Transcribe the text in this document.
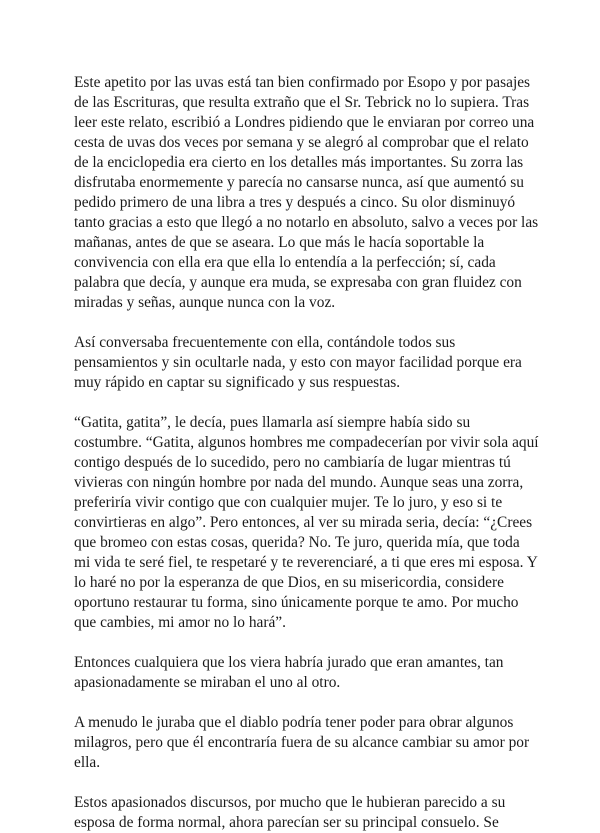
Este apetito por las uvas está tan bien confirmado por Esopo y por pasajes de las Escrituras, que resulta extraño que el Sr. Tebrick no lo supiera. Tras leer este relato, escribió a Londres pidiendo que le enviaran por correo una cesta de uvas dos veces por semana y se alegró al comprobar que el relato de la enciclopedia era cierto en los detalles más importantes. Su zorra las disfrutaba enormemente y parecía no cansarse nunca, así que aumentó su pedido primero de una libra a tres y después a cinco. Su olor disminuyó tanto gracias a esto que llegó a no notarlo en absoluto, salvo a veces por las mañanas, antes de que se aseara. Lo que más le hacía soportable la convivencia con ella era que ella lo entendía a la perfección; sí, cada palabra que decía, y aunque era muda, se expresaba con gran fluidez con miradas y señas, aunque nunca con la voz.

Así conversaba frecuentemente con ella, contándole todos sus pensamientos y sin ocultarle nada, y esto con mayor facilidad porque era muy rápido en captar su significado y sus respuestas.

“Gatita, gatita”, le decía, pues llamarla así siempre había sido su costumbre. “Gatita, algunos hombres me compadecerían por vivir sola aquí contigo después de lo sucedido, pero no cambiaría de lugar mientras tú vivieras con ningún hombre por nada del mundo. Aunque seas una zorra, preferiría vivir contigo que con cualquier mujer. Te lo juro, y eso si te convirtieras en algo”. Pero entonces, al ver su mirada seria, decía: “¿Crees que bromeo con estas cosas, querida? No. Te juro, querida mía, que toda mi vida te seré fiel, te respetaré y te reverenciaré, a ti que eres mi esposa. Y lo haré no por la esperanza de que Dios, en su misericordia, considere oportuno restaurar tu forma, sino únicamente porque te amo. Por mucho que cambies, mi amor no lo hará”.

Entonces cualquiera que los viera habría jurado que eran amantes, tan apasionadamente se miraban el uno al otro.

A menudo le juraba que el diablo podría tener poder para obrar algunos milagros, pero que él encontraría fuera de su alcance cambiar su amor por ella.

Estos apasionados discursos, por mucho que le hubieran parecido a su esposa de forma normal, ahora parecían ser su principal consuelo. Se
